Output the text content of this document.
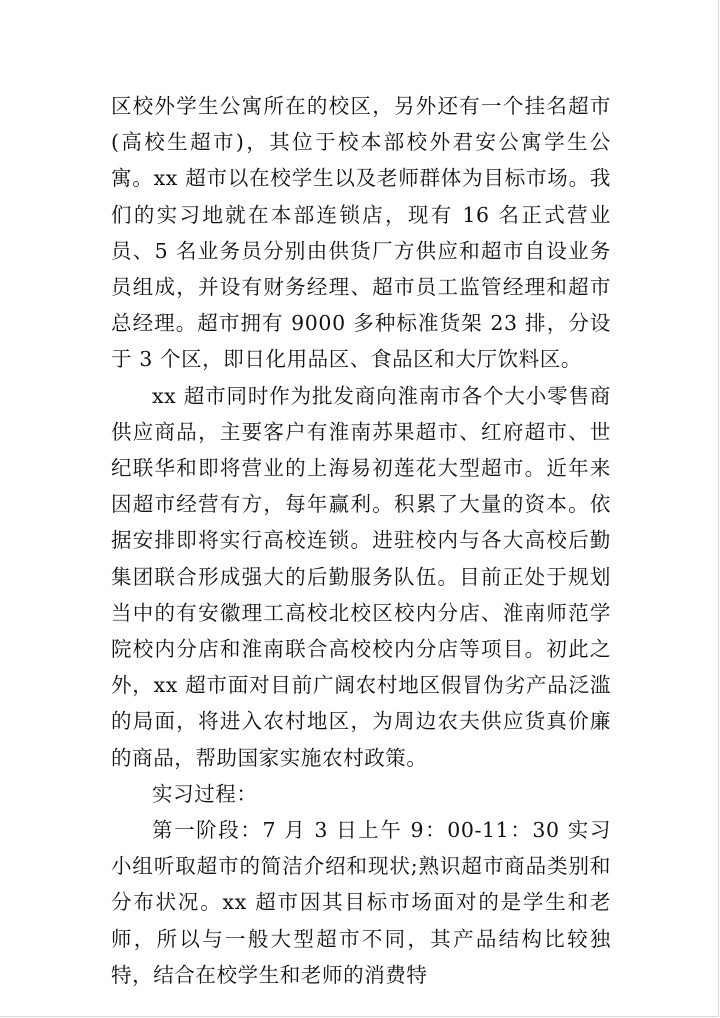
区校外学生公寓所在的校区，另外还有一个挂名超市(高校生超市)，其位于校本部校外君安公寓学生公寓。xx 超市以在校学生以及老师群体为目标市场。我们的实习地就在本部连锁店，现有 16 名正式营业员、5 名业务员分别由供货厂方供应和超市自设业务员组成，并设有财务经理、超市员工监管经理和超市总经理。超市拥有 9000 多种标准货架 23 排，分设于 3 个区，即日化用品区、食品区和大厅饮料区。

xx 超市同时作为批发商向淮南市各个大小零售商供应商品，主要客户有淮南苏果超市、红府超市、世纪联华和即将营业的上海易初莲花大型超市。近年来因超市经营有方，每年赢利。积累了大量的资本。依据安排即将实行高校连锁。进驻校内与各大高校后勤集团联合形成强大的后勤服务队伍。目前正处于规划当中的有安徽理工高校北校区校内分店、淮南师范学院校内分店和淮南联合高校校内分店等项目。初此之外，xx 超市面对目前广阔农村地区假冒伪劣产品泛滥的局面，将进入农村地区，为周边农夫供应货真价廉的商品，帮助国家实施农村政策。

实习过程：

第一阶段：7 月 3 日上午 9：00-11：30 实习小组听取超市的简洁介绍和现状;熟识超市商品类别和分布状况。xx 超市因其目标市场面对的是学生和老师，所以与一般大型超市不同，其产品结构比较独特，结合在校学生和老师的消费特
